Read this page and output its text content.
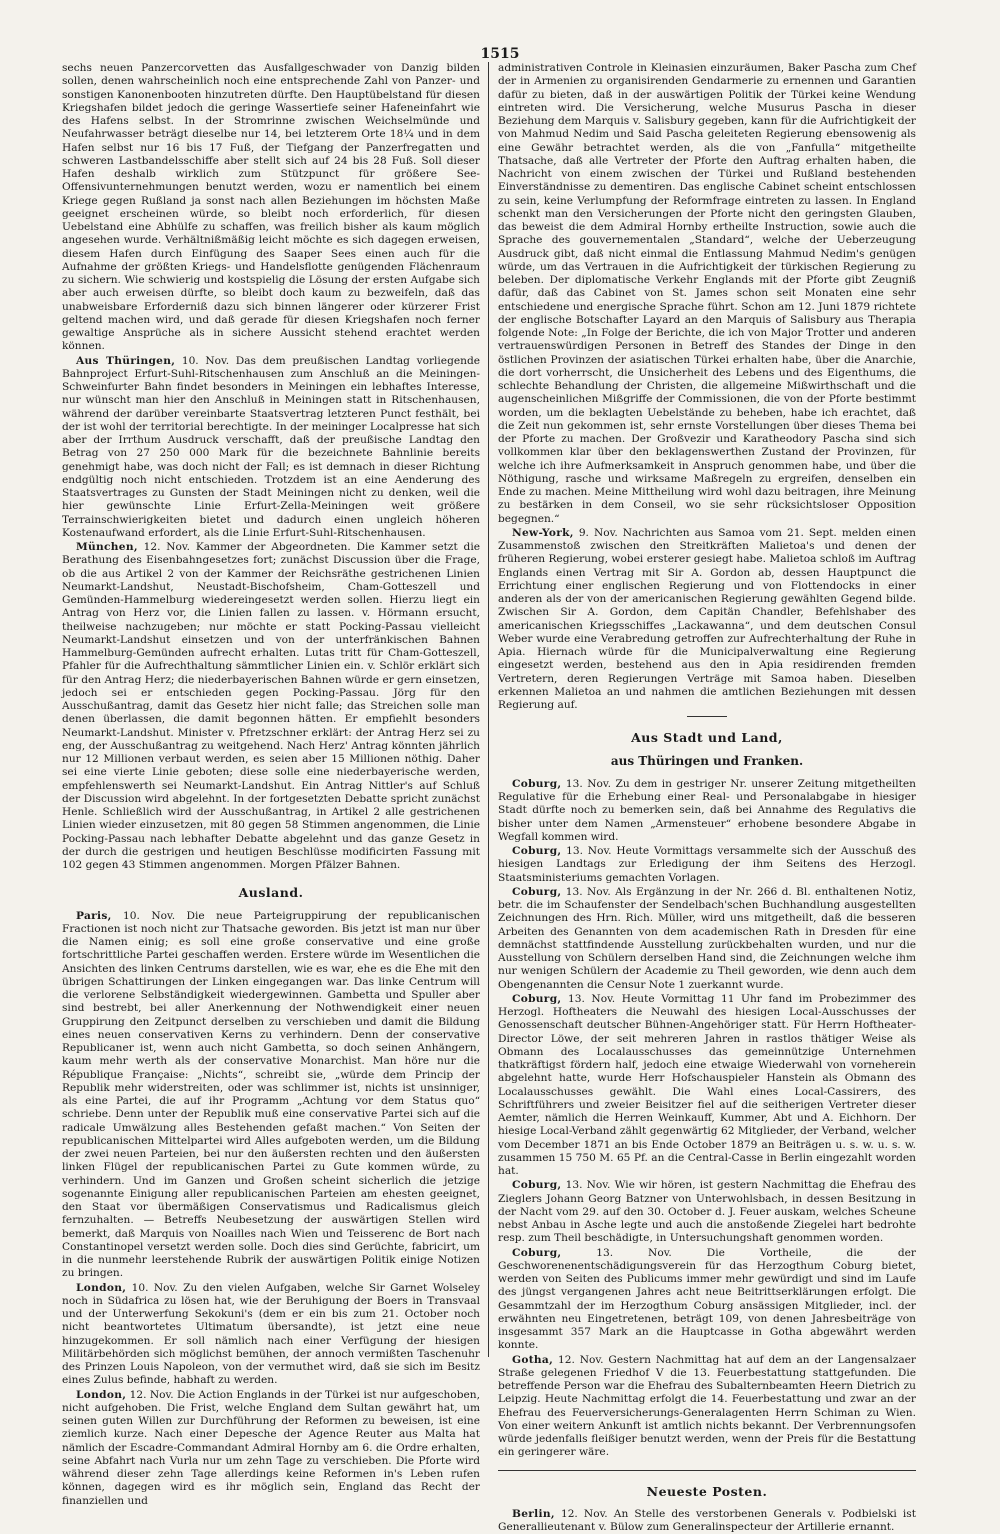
1515

sechs neuen Panzercorvetten das Ausfallgeschwader von Danzig bilden sollen, denen wahrscheinlich noch eine entsprechende Zahl von Panzer- und sonstigen Kanonenbooten hinzutreten dürfte. Den Hauptübelstand für diesen Kriegshafen bildet jedoch die geringe Wassertiefe seiner Hafeneinfahrt wie des Hafens selbst. In der Stromrinne zwischen Weichselmünde und Neufahrwasser beträgt dieselbe nur 14, bei letzterem Orte 18¼ und in dem Hafen selbst nur 16 bis 17 Fuß, der Tiefgang der Panzerfregatten und schweren Lastbandelsschiffe aber stellt sich auf 24 bis 28 Fuß. Soll dieser Hafen deshalb wirklich zum Stützpunct für größere See-Offensivunternehmungen benutzt werden, wozu er namentlich bei einem Kriege gegen Rußland ja sonst nach allen Beziehungen im höchsten Maße geeignet erscheinen würde, so bleibt noch erforderlich, für diesen Uebelstand eine Abhülfe zu schaffen, was freilich bisher als kaum möglich angesehen wurde. Verhältnißmäßig leicht möchte es sich dagegen erweisen, diesem Hafen durch Einfügung des Saaper Sees einen auch für die Aufnahme der größten Kriegs- und Handelsflotte genügenden Flächenraum zu sichern. Wie schwierig und kostspielig die Lösung der ersten Aufgabe sich aber auch erweisen dürfte, so bleibt doch kaum zu bezweifeln, daß das unabweisbare Erforderniß dazu sich binnen längerer oder kürzerer Frist geltend machen wird, und daß gerade für diesen Kriegshafen noch ferner gewaltige Ansprüche als in sichere Aussicht stehend erachtet werden können.

Aus Thüringen, 10. Nov. Das dem preußischen Landtag vorliegende Bahnproject Erfurt-Suhl-Ritschenhausen zum Anschluß an die Meiningen-Schweinfurter Bahn findet besonders in Meiningen ein lebhaftes Interesse, nur wünscht man hier den Anschluß in Meiningen statt in Ritschenhausen, während der darüber vereinbarte Staatsvertrag letzteren Punct festhält, bei der ist wohl der territorial berechtigte. In der meininger Localpresse hat sich aber der Irrthum Ausdruck verschafft, daß der preußische Landtag den Betrag von 27 250 000 Mark für die bezeichnete Bahnlinie bereits genehmigt habe, was doch nicht der Fall; es ist demnach in dieser Richtung endgültig noch nicht entschieden. Trotzdem ist an eine Aenderung des Staatsvertrages zu Gunsten der Stadt Meiningen nicht zu denken, weil die hier gewünschte Linie Erfurt-Zella-Meiningen weit größere Terrainschwierigkeiten bietet und dadurch einen ungleich höheren Kostenaufwand erfordert, als die Linie Erfurt-Suhl-Ritschenhausen.

München, 12. Nov. Kammer der Abgeordneten. Die Kammer setzt die Berathung des Eisenbahngesetzes fort; zunächst Discussion über die Frage, ob die aus Artikel 2 von der Kammer der Reichsräthe gestrichenen Linien Neumarkt-Landshut, Neustadt-Bischofsheim, Cham-Gotteszell und Gemünden-Hammelburg wiedereingesetzt werden sollen. Hierzu liegt ein Antrag von Herz vor, die Linien fallen zu lassen. v. Hörmann ersucht, theilweise nachzugeben; nur möchte er statt Pocking-Passau vielleicht Neumarkt-Landshut einsetzen und von der unterfränkischen Bahnen Hammelburg-Gemünden aufrecht erhalten. Lutas tritt für Cham-Gotteszell, Pfahler für die Aufrechthaltung sämmtlicher Linien ein. v. Schlör erklärt sich für den Antrag Herz; die niederbayerischen Bahnen würde er gern einsetzen, jedoch sei er entschieden gegen Pocking-Passau. Jörg für den Ausschußantrag, damit das Gesetz hier nicht falle; das Streichen solle man denen überlassen, die damit begonnen hätten. Er empfiehlt besonders Neumarkt-Landshut. Minister v. Pfretzschner erklärt: der Antrag Herz sei zu eng, der Ausschußantrag zu weitgehend. Nach Herz' Antrag könnten jährlich nur 12 Millionen verbaut werden, es seien aber 15 Millionen nöthig. Daher sei eine vierte Linie geboten; diese solle eine niederbayerische werden, empfehlenswerth sei Neumarkt-Landshut. Ein Antrag Nittler's auf Schluß der Discussion wird abgelehnt. In der fortgesetzten Debatte spricht zunächst Henle. Schließlich wird der Ausschußantrag, in Artikel 2 alle gestrichenen Linien wieder einzusetzen, mit 80 gegen 58 Stimmen angenommen, die Linie Pocking-Passau nach lebhafter Debatte abgelehnt und das ganze Gesetz in der durch die gestrigen und heutigen Beschlüsse modificirten Fassung mit 102 gegen 43 Stimmen angenommen. Morgen Pfälzer Bahnen.

Ausland.

Paris, 10. Nov. Die neue Parteigruppirung der republicanischen Fractionen ist noch nicht zur Thatsache geworden. Bis jetzt ist man nur über die Namen einig; es soll eine große conservative und eine große fortschrittliche Partei geschaffen werden. Erstere würde im Wesentlichen die Ansichten des linken Centrums darstellen, wie es war, ehe es die Ehe mit den übrigen Schattirungen der Linken eingegangen war. Das linke Centrum will die verlorene Selbständigkeit wiedergewinnen. Gambetta und Spuller aber sind bestrebt, bei aller Anerkennung der Nothwendigkeit einer neuen Gruppirung den Zeitpunct derselben zu verschieben und damit die Bildung eines neuen conservativen Kerns zu verhindern. Denn der conservative Republicaner ist, wenn auch nicht Gambetta, so doch seinen Anhängern, kaum mehr werth als der conservative Monarchist. Man höre nur die République Française: „Nichts“, schreibt sie, „würde dem Princip der Republik mehr widerstreiten, oder was schlimmer ist, nichts ist unsinniger, als eine Partei, die auf ihr Programm „Achtung vor dem Status quo“ schriebe. Denn unter der Republik muß eine conservative Partei sich auf die radicale Umwälzung alles Bestehenden gefaßt machen.“ Von Seiten der republicanischen Mittelpartei wird Alles aufgeboten werden, um die Bildung der zwei neuen Parteien, bei nur den äußersten rechten und den äußersten linken Flügel der republicanischen Partei zu Gute kommen würde, zu verhindern. Und im Ganzen und Großen scheint sicherlich die jetzige sogenannte Einigung aller republicanischen Parteien am ehesten geeignet, den Staat vor übermäßigen Conservatismus und Radicalismus gleich fernzuhalten. — Betreffs Neubesetzung der auswärtigen Stellen wird bemerkt, daß Marquis von Noailles nach Wien und Teisserenc de Bort nach Constantinopel versetzt werden solle. Doch dies sind Gerüchte, fabricirt, um in die nunmehr leerstehende Rubrik der auswärtigen Politik einige Notizen zu bringen.

London, 10. Nov. Zu den vielen Aufgaben, welche Sir Garnet Wolseley noch in Südafrica zu lösen hat, wie der Beruhigung der Boers in Transvaal und der Unterwerfung Sekokuni's (dem er ein bis zum 21. October noch nicht beantwortetes Ultimatum übersandte), ist jetzt eine neue hinzugekommen. Er soll nämlich nach einer Verfügung der hiesigen Militärbehörden sich möglichst bemühen, der annoch vermißten Taschenuhr des Prinzen Louis Napoleon, von der vermuthet wird, daß sie sich im Besitz eines Zulus befinde, habhaft zu werden.

London, 12. Nov. Die Action Englands in der Türkei ist nur aufgeschoben, nicht aufgehoben. Die Frist, welche England dem Sultan gewährt hat, um seinen guten Willen zur Durchführung der Reformen zu beweisen, ist eine ziemlich kurze. Nach einer Depesche der Agence Reuter aus Malta hat nämlich der Escadre-Commandant Admiral Hornby am 6. die Ordre erhalten, seine Abfahrt nach Vurla nur um zehn Tage zu verschieben. Die Pforte wird während dieser zehn Tage allerdings keine Reformen in's Leben rufen können, dagegen wird es ihr möglich sein, England das Recht der finanziellen und

administrativen Controle in Kleinasien einzuräumen, Baker Pascha zum Chef der in Armenien zu organisirenden Gendarmerie zu ernennen und Garantien dafür zu bieten, daß in der auswärtigen Politik der Türkei keine Wendung eintreten wird. Die Versicherung, welche Musurus Pascha in dieser Beziehung dem Marquis v. Salisbury gegeben, kann für die Aufrichtigkeit der von Mahmud Nedim und Said Pascha geleiteten Regierung ebensowenig als eine Gewähr betrachtet werden, als die von „Fanfulla“ mitgetheilte Thatsache, daß alle Vertreter der Pforte den Auftrag erhalten haben, die Nachricht von einem zwischen der Türkei und Rußland bestehenden Einverständnisse zu dementiren. Das englische Cabinet scheint entschlossen zu sein, keine Verlumpfung der Reformfrage eintreten zu lassen. In England schenkt man den Versicherungen der Pforte nicht den geringsten Glauben, das beweist die dem Admiral Hornby ertheilte Instruction, sowie auch die Sprache des gouvernementalen „Standard“, welche der Ueberzeugung Ausdruck gibt, daß nicht einmal die Entlassung Mahmud Nedim's genügen würde, um das Vertrauen in die Aufrichtigkeit der türkischen Regierung zu beleben. Der diplomatische Verkehr Englands mit der Pforte gibt Zeugniß dafür, daß das Cabinet von St. James schon seit Monaten eine sehr entschiedene und energische Sprache führt. Schon am 12. Juni 1879 richtete der englische Botschafter Layard an den Marquis of Salisbury aus Therapia folgende Note: „In Folge der Berichte, die ich von Major Trotter und anderen vertrauenswürdigen Personen in Betreff des Standes der Dinge in den östlichen Provinzen der asiatischen Türkei erhalten habe, über die Anarchie, die dort vorherrscht, die Unsicherheit des Lebens und des Eigenthums, die schlechte Behandlung der Christen, die allgemeine Mißwirthschaft und die augenscheinlichen Mißgriffe der Commissionen, die von der Pforte bestimmt worden, um die beklagten Uebelstände zu beheben, habe ich erachtet, daß die Zeit nun gekommen ist, sehr ernste Vorstellungen über dieses Thema bei der Pforte zu machen. Der Großvezir und Karatheodory Pascha sind sich vollkommen klar über den beklagenswerthen Zustand der Provinzen, für welche ich ihre Aufmerksamkeit in Anspruch genommen habe, und über die Nöthigung, rasche und wirksame Maßregeln zu ergreifen, denselben ein Ende zu machen. Meine Mittheilung wird wohl dazu beitragen, ihre Meinung zu bestärken in dem Conseil, wo sie sehr rücksichtsloser Opposition begegnen.“

New-York, 9. Nov. Nachrichten aus Samoa vom 21. Sept. melden einen Zusammenstoß zwischen den Streitkräften Malietoa's und denen der früheren Regierung, wobei ersterer gesiegt habe. Malietoa schloß im Auftrag Englands einen Vertrag mit Sir A. Gordon ab, dessen Hauptpunct die Errichtung einer englischen Regierung und von Flottendocks in einer anderen als der von der americanischen Regierung gewählten Gegend bilde. Zwischen Sir A. Gordon, dem Capitän Chandler, Befehlshaber des americanischen Kriegsschiffes „Lackawanna“, und dem deutschen Consul Weber wurde eine Verabredung getroffen zur Aufrechterhaltung der Ruhe in Apia. Hiernach würde für die Municipalverwaltung eine Regierung eingesetzt werden, bestehend aus den in Apia residirenden fremden Vertretern, deren Regierungen Verträge mit Samoa haben. Dieselben erkennen Malietoa an und nahmen die amtlichen Beziehungen mit dessen Regierung auf.

Aus Stadt und Land,
aus Thüringen und Franken.

Coburg, 13. Nov. Zu dem in gestriger Nr. unserer Zeitung mitgetheilten Regulative für die Erhebung einer Real- und Personalabgabe in hiesiger Stadt dürfte noch zu bemerken sein, daß bei Annahme des Regulativs die bisher unter dem Namen „Armensteuer“ erhobene besondere Abgabe in Wegfall kommen wird.

Coburg, 13. Nov. Heute Vormittags versammelte sich der Ausschuß des hiesigen Landtags zur Erledigung der ihm Seitens des Herzogl. Staatsministeriums gemachten Vorlagen.

Coburg, 13. Nov. Als Ergänzung in der Nr. 266 d. Bl. enthaltenen Notiz, betr. die im Schaufenster der Sendelbach'schen Buchhandlung ausgestellten Zeichnungen des Hrn. Rich. Müller, wird uns mitgetheilt, daß die besseren Arbeiten des Genannten von dem academischen Rath in Dresden für eine demnächst stattfindende Ausstellung zurückbehalten wurden, und nur die Ausstellung von Schülern derselben Hand sind, die Zeichnungen welche ihm nur wenigen Schülern der Academie zu Theil geworden, wie denn auch dem Obengenannten die Censur Note 1 zuerkannt wurde.

Coburg, 13. Nov. Heute Vormittag 11 Uhr fand im Probezimmer des Herzogl. Hoftheaters die Neuwahl des hiesigen Local-Ausschusses der Genossenschaft deutscher Bühnen-Angehöriger statt. Für Herrn Hoftheater-Director Löwe, der seit mehreren Jahren in rastlos thätiger Weise als Obmann des Localausschusses das gemeinnützige Unternehmen thatkräftigst fördern half, jedoch eine etwaige Wiederwahl von vorneherein abgelehnt hatte, wurde Herr Hofschauspieler Hanstein als Obmann des Localausschusses gewählt. Die Wahl eines Local-Cassirers, des Schriftführers und zweier Beisitzer fiel auf die seitherigen Vertreter dieser Aemter, nämlich die Herren Weinkauff, Kummer, Abt und A. Eichhorn. Der hiesige Local-Verband zählt gegenwärtig 62 Mitglieder, der Verband, welcher vom December 1871 an bis Ende October 1879 an Beiträgen u. s. w. u. s. w. zusammen 15 750 M. 65 Pf. an die Central-Casse in Berlin eingezahlt worden hat.

Coburg, 13. Nov. Wie wir hören, ist gestern Nachmittag die Ehefrau des Zieglers Johann Georg Batzner von Unterwohlsbach, in dessen Besitzung in der Nacht vom 29. auf den 30. October d. J. Feuer auskam, welches Scheune nebst Anbau in Asche legte und auch die anstoßende Ziegelei hart bedrohte resp. zum Theil beschädigte, in Untersuchungshaft genommen worden.

Coburg, 13. Nov. Die Vortheile, die der Geschworenenentschädigungsverein für das Herzogthum Coburg bietet, werden von Seiten des Publicums immer mehr gewürdigt und sind im Laufe des jüngst vergangenen Jahres acht neue Beitrittserklärungen erfolgt. Die Gesammtzahl der im Herzogthum Coburg ansässigen Mitglieder, incl. der erwähnten neu Eingetretenen, beträgt 109, von denen Jahresbeiträge von insgesammt 357 Mark an die Hauptcasse in Gotha abgewährt werden konnte.

Gotha, 12. Nov. Gestern Nachmittag hat auf dem an der Langensalzaer Straße gelegenen Friedhof V die 13. Feuerbestattung stattgefunden. Die betreffende Person war die Ehefrau des Subalternbeamten Heern Dietrich zu Leipzig. Heute Nachmittag erfolgt die 14. Feuerbestattung und zwar an der Ehefrau des Feuerversicherungs-Generalagenten Herrn Schiman zu Wien. Von einer weitern Ankunft ist amtlich nichts bekannt. Der Verbrennungsofen würde jedenfalls fleißiger benutzt werden, wenn der Preis für die Bestattung ein geringerer wäre.

Neueste Posten.

Berlin, 12. Nov. An Stelle des verstorbenen Generals v. Podbielski ist Generallieutenant v. Bülow zum Generalinspecteur der Artillerie ernannt.
